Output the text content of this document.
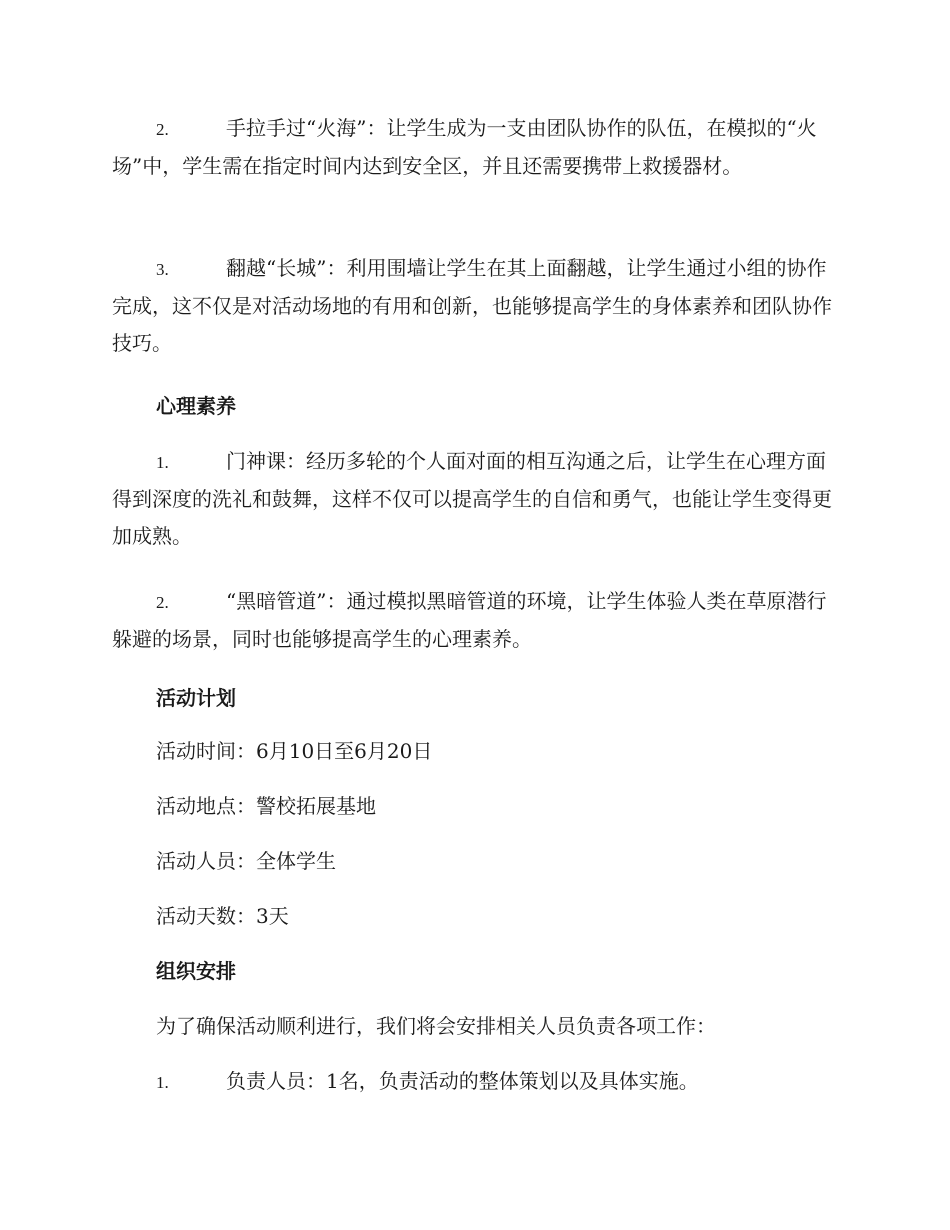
2.	手拉手过“火海”：让学生成为一支由团队协作的队伍，在模拟的“火场”中，学生需在指定时间内达到安全区，并且还需要携带上救援器材。
3.	翻越“长城”：利用围墙让学生在其上面翻越，让学生通过小组的协作完成，这不仅是对活动场地的有用和创新，也能够提高学生的身体素养和团队协作技巧。
心理素养
1.	门神课：经历多轮的个人面对面的相互沟通之后，让学生在心理方面得到深度的洗礼和鼓舞，这样不仅可以提高学生的自信和勇气，也能让学生变得更加成熟。
2.	“黑暗管道”：通过模拟黑暗管道的环境，让学生体验人类在草原潜行躲避的场景，同时也能够提高学生的心理素养。
活动计划
活动时间：6月10日至6月20日
活动地点：警校拓展基地
活动人员：全体学生
活动天数：3天
组织安排
为了确保活动顺利进行，我们将会安排相关人员负责各项工作：
1.	负责人员：1名，负责活动的整体策划以及具体实施。
